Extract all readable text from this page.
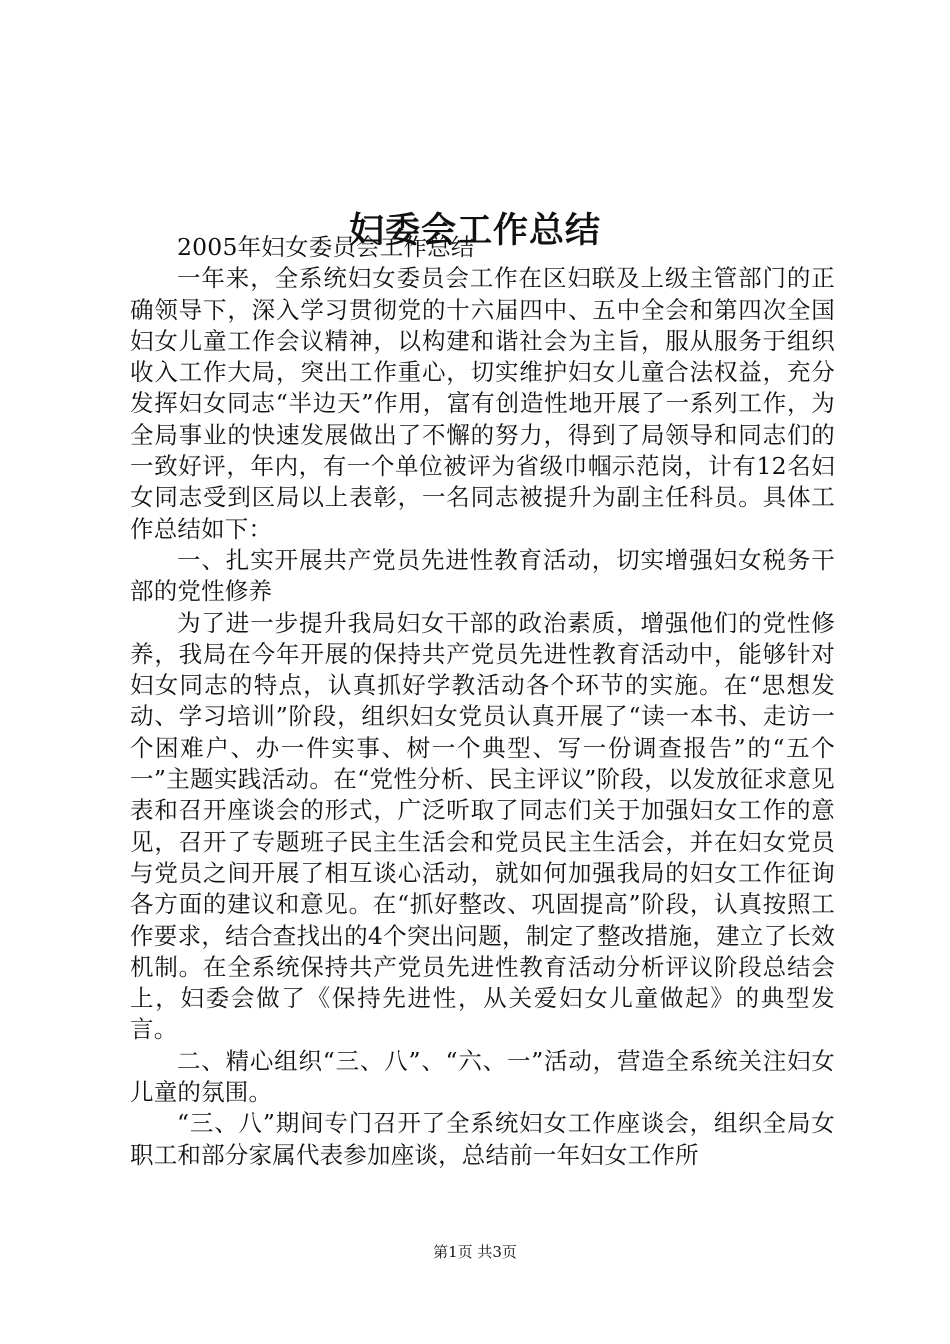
妇委会工作总结

2005年妇女委员会工作总结

一年来，全系统妇女委员会工作在区妇联及上级主管部门的正确领导下，深入学习贯彻党的十六届四中、五中全会和第四次全国妇女儿童工作会议精神，以构建和谐社会为主旨，服从服务于组织收入工作大局，突出工作重心，切实维护妇女儿童合法权益，充分发挥妇女同志“半边天”作用，富有创造性地开展了一系列工作，为全局事业的快速发展做出了不懈的努力，得到了局领导和同志们的一致好评，年内，有一个单位被评为省级巾帼示范岗，计有12名妇女同志受到区局以上表彰，一名同志被提升为副主任科员。具体工作总结如下：

一、扎实开展共产党员先进性教育活动，切实增强妇女税务干部的党性修养

为了进一步提升我局妇女干部的政治素质，增强他们的党性修养，我局在今年开展的保持共产党员先进性教育活动中，能够针对妇女同志的特点，认真抓好学教活动各个环节的实施。在“思想发动、学习培训”阶段，组织妇女党员认真开展了“读一本书、走访一个困难户、办一件实事、树一个典型、写一份调查报告”的“五个一”主题实践活动。在“党性分析、民主评议”阶段，以发放征求意见表和召开座谈会的形式，广泛听取了同志们关于加强妇女工作的意见，召开了专题班子民主生活会和党员民主生活会，并在妇女党员与党员之间开展了相互谈心活动，就如何加强我局的妇女工作征询各方面的建议和意见。在“抓好整改、巩固提高”阶段，认真按照工作要求，结合查找出的4个突出问题，制定了整改措施，建立了长效机制。在全系统保持共产党员先进性教育活动分析评议阶段总结会上，妇委会做了《保持先进性，从关爱妇女儿童做起》的典型发言。

二、精心组织“三、八”、“六、一”活动，营造全系统关注妇女儿童的氛围。

“三、八”期间专门召开了全系统妇女工作座谈会，组织全局女职工和部分家属代表参加座谈，总结前一年妇女工作所

第1页 共3页
